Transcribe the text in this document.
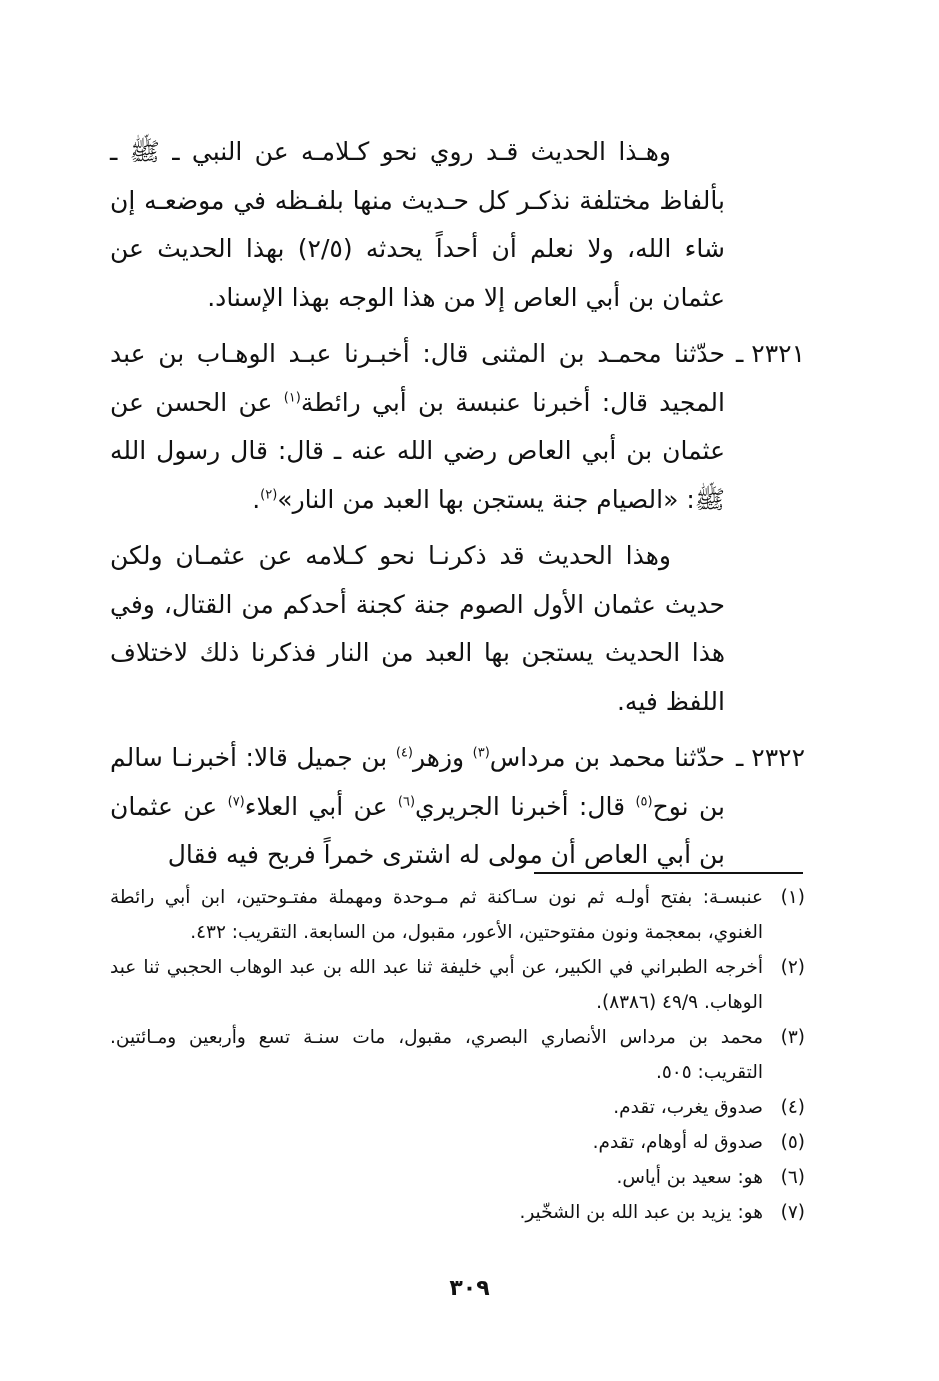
وهـذا الحديث قـد روي نحو كـلامـه عن النبي ـ ﷺ ـ بألفاظ مختلفة نذكـر كل حـديث منها بلفـظه في موضعـه إن شاء الله، ولا نعلم أن أحداً يحدثه (٢/٥) بهذا الحديث عن عثمان بن أبي العاص إلا من هذا الوجه بهذا الإسناد.

٢٣٢١ ـ
حدّثنا محمـد بن المثنى قال: أخبـرنا عبـد الوهـاب بن عبد المجيد قال: أخبرنا عنبسة بن أبي رائطة$^{(١)}$ عن الحسن عن عثمان بن أبي العاص رضي الله عنه ـ قال: قال رسول الله ﷺ: «الصيام جنة يستجن بها العبد من النار»$^{(٢)}$.

وهذا الحديث قد ذكرنـا نحو كـلامه عن عثمـان ولكن حديث عثمان الأول الصوم جنة كجنة أحدكم من القتال، وفي هذا الحديث يستجن بها العبد من النار فذكرنا ذلك لاختلاف اللفظ فيه.

٢٣٢٢ ـ
حدّثنا محمد بن مرداس$^{(٣)}$ وزهر$^{(٤)}$ بن جميل قالا: أخبرنـا سالم بن نوح$^{(٥)}$ قال: أخبرنا الجريري$^{(٦)}$ عن أبي العلاء$^{(٧)}$ عن عثمان بن أبي العاص أن مولى له اشترى خمراً فربح فيه فقال

(١)
عنبسـة: بفتح أولـه ثم نون سـاكنة ثم مـوحدة ومهملة مفتـوحتين، ابن أبي رائطة الغنوي، بمعجمة ونون مفتوحتين، الأعور، مقبول، من السابعة. التقريب: ٤٣٢.

(٢)
أخرجه الطبراني في الكبير، عن أبي خليفة ثنا عبد الله بن عبد الوهاب الحجبي ثنا عبد الوهاب. ٤٩/٩ (٨٣٨٦).

(٣)
محمد بن مرداس الأنصاري البصري، مقبول، مات سنـة تسع وأربعين ومـائتين. التقريب: ٥٠٥.

(٤)
صدوق يغرب، تقدم.

(٥)
صدوق له أوهام، تقدم.

(٦)
هو: سعيد بن أياس.

(٧)
هو: يزيد بن عبد الله بن الشخّير.

٣٠٩
